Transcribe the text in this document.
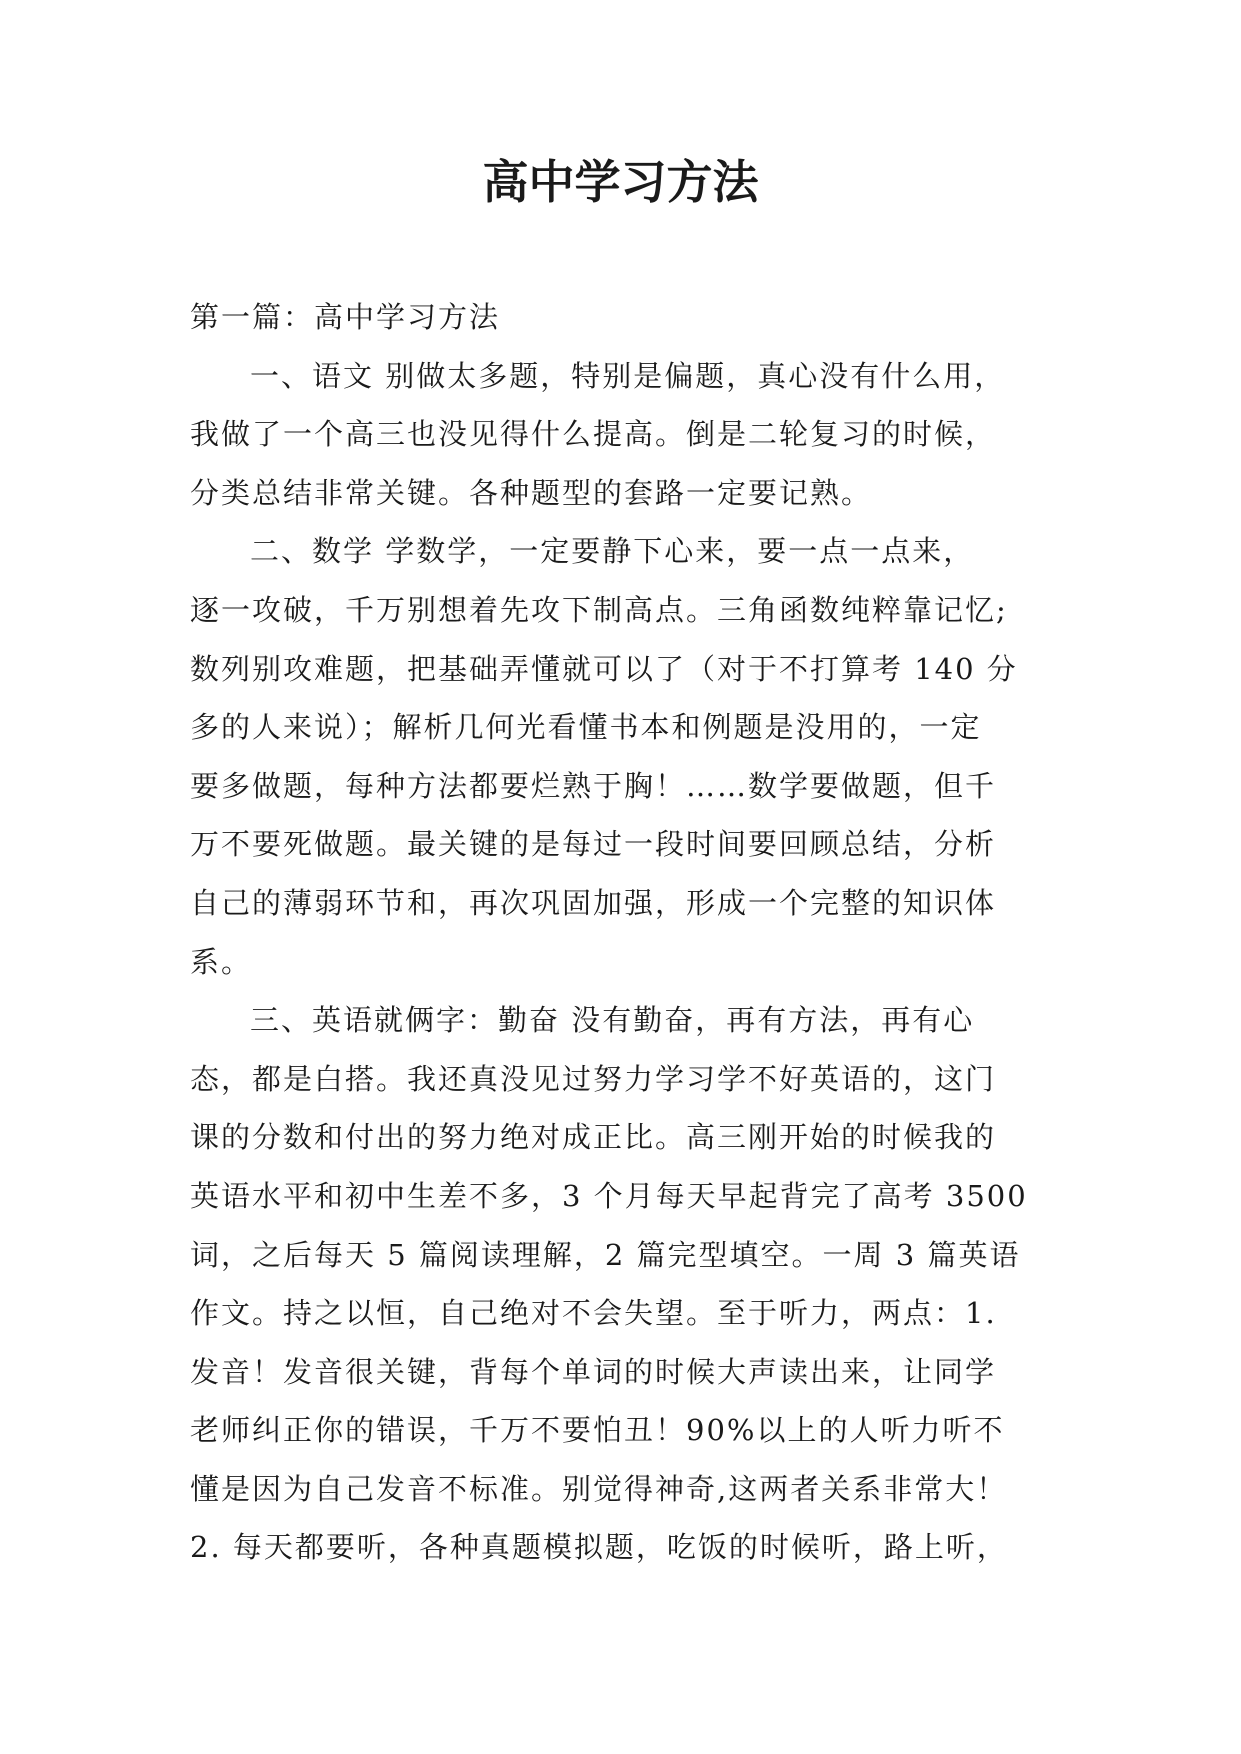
高中学习方法
第一篇：高中学习方法
一、语文 别做太多题，特别是偏题，真心没有什么用，
我做了一个高三也没见得什么提高。倒是二轮复习的时候，
分类总结非常关键。各种题型的套路一定要记熟。
二、数学 学数学，一定要静下心来，要一点一点来，
逐一攻破，千万别想着先攻下制高点。三角函数纯粹靠记忆;
数列别攻难题，把基础弄懂就可以了（对于不打算考 140 分
多的人来说）；解析几何光看懂书本和例题是没用的，一定
要多做题，每种方法都要烂熟于胸！……数学要做题，但千
万不要死做题。最关键的是每过一段时间要回顾总结，分析
自己的薄弱环节和，再次巩固加强，形成一个完整的知识体
系。
三、英语就俩字：勤奋 没有勤奋，再有方法，再有心
态，都是白搭。我还真没见过努力学习学不好英语的，这门
课的分数和付出的努力绝对成正比。高三刚开始的时候我的
英语水平和初中生差不多，3 个月每天早起背完了高考 3500
词，之后每天 5 篇阅读理解，2 篇完型填空。一周 3 篇英语
作文。持之以恒，自己绝对不会失望。至于听力，两点：1.
发音！发音很关键，背每个单词的时候大声读出来，让同学
老师纠正你的错误，千万不要怕丑！90%以上的人听力听不
懂是因为自己发音不标准。别觉得神奇,这两者关系非常大！
2. 每天都要听，各种真题模拟题，吃饭的时候听，路上听，
